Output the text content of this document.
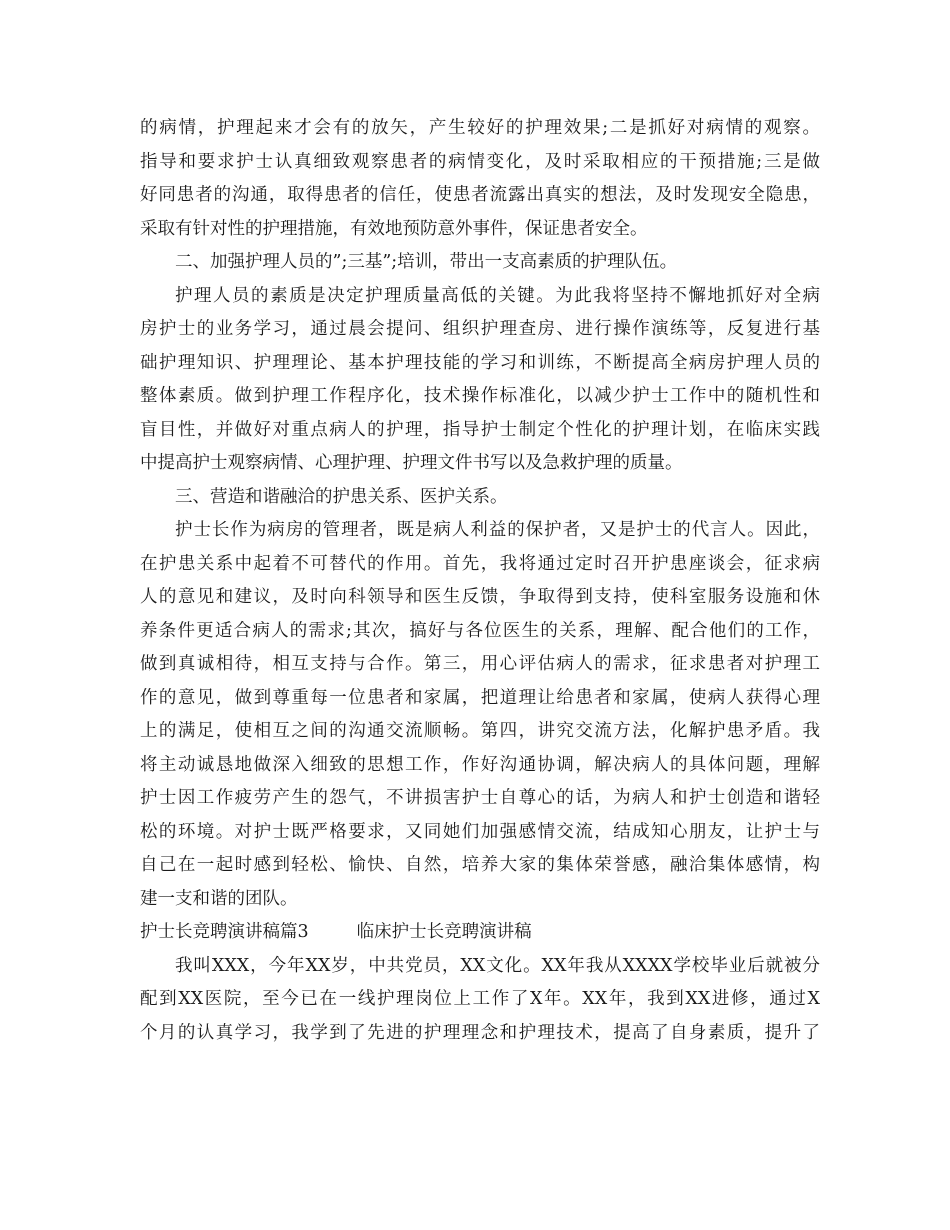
的病情，护理起来才会有的放矢，产生较好的护理效果;二是抓好对病情的观察。
指导和要求护士认真细致观察患者的病情变化，及时采取相应的干预措施;三是做
好同患者的沟通，取得患者的信任，使患者流露出真实的想法，及时发现安全隐患，
采取有针对性的护理措施，有效地预防意外事件，保证患者安全。
二、加强护理人员的”;三基”;培训，带出一支高素质的护理队伍。
护理人员的素质是决定护理质量高低的关键。为此我将坚持不懈地抓好对全病
房护士的业务学习，通过晨会提问、组织护理查房、进行操作演练等，反复进行基
础护理知识、护理理论、基本护理技能的学习和训练，不断提高全病房护理人员的
整体素质。做到护理工作程序化，技术操作标准化，以减少护士工作中的随机性和
盲目性，并做好对重点病人的护理，指导护士制定个性化的护理计划，在临床实践
中提高护士观察病情、心理护理、护理文件书写以及急救护理的质量。
三、营造和谐融洽的护患关系、医护关系。
护士长作为病房的管理者，既是病人利益的保护者，又是护士的代言人。因此，
在护患关系中起着不可替代的作用。首先，我将通过定时召开护患座谈会，征求病
人的意见和建议，及时向科领导和医生反馈，争取得到支持，使科室服务设施和休
养条件更适合病人的需求;其次，搞好与各位医生的关系，理解、配合他们的工作，
做到真诚相待，相互支持与合作。第三，用心评估病人的需求，征求患者对护理工
作的意见，做到尊重每一位患者和家属，把道理让给患者和家属，使病人获得心理
上的满足，使相互之间的沟通交流顺畅。第四，讲究交流方法，化解护患矛盾。我
将主动诚恳地做深入细致的思想工作，作好沟通协调，解决病人的具体问题，理解
护士因工作疲劳产生的怨气，不讲损害护士自尊心的话，为病人和护士创造和谐轻
松的环境。对护士既严格要求，又同她们加强感情交流，结成知心朋友，让护士与
自己在一起时感到轻松、愉快、自然，培养大家的集体荣誉感，融洽集体感情，构
建一支和谐的团队。
护士长竞聘演讲稿篇3	临床护士长竞聘演讲稿
我叫XXX，今年XX岁，中共党员，XX文化。XX年我从XXXX学校毕业后就被分
配到XX医院，至今已在一线护理岗位上工作了X年。XX年，我到XX进修，通过X
个月的认真学习，我学到了先进的护理理念和护理技术，提高了自身素质，提升了
